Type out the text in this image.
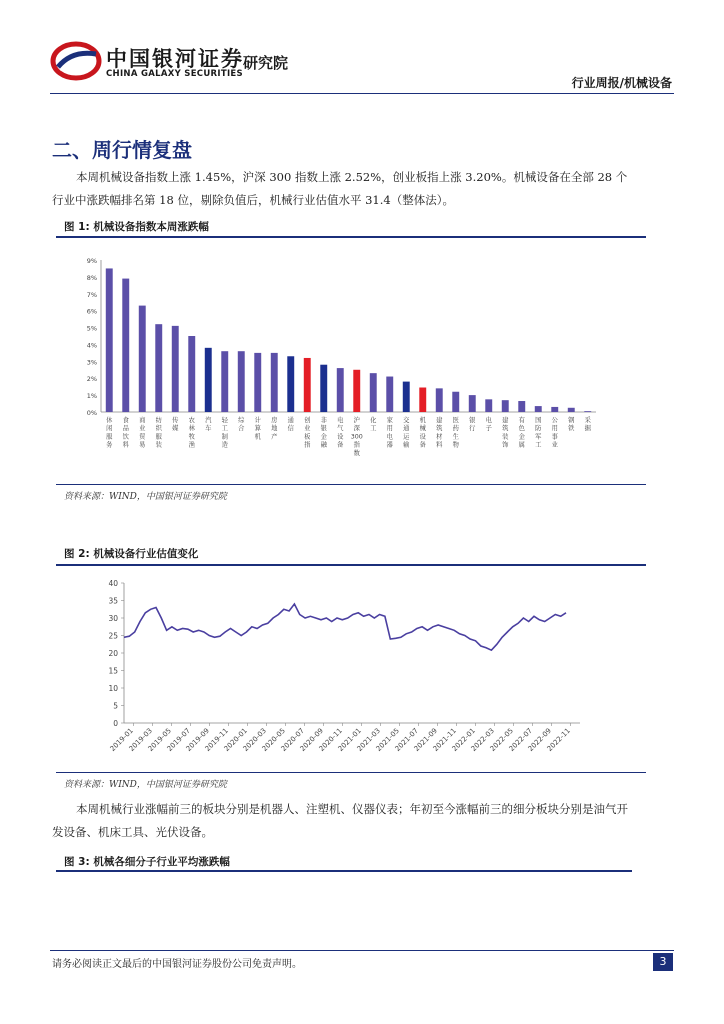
中国银河证券
CHINA GALAXY SECURITIES
研究院
行业周报/机械设备
二、周行情复盘
本周机械设备指数上涨 1.45%，沪深 300 指数上涨 2.52%，创业板指上涨 3.20%。机械设备在全部 28 个行业中涨跌幅排名第 18 位，剔除负值后，机械行业估值水平 31.4（整体法）。
图 1: 机械设备指数本周涨跌幅
0%
1%
2%
3%
4%
5%
6%
7%
8%
9%
休闲服务
食品饮料
商业贸易
纺织服装
传媒
农林牧渔
汽车
轻工制造
综合
计算机
房地产
通信
创业板指
非银金融
电气设备
沪深 300 指数
化工
家用电器
交通运输
机械设备
建筑材料
医药生物
银行
电子
建筑装饰
有色金属
国防军工
公用事业
钢铁
采掘
资料来源：WIND，中国银河证券研究院
图 2: 机械设备行业估值变化
0
5
10
15
20
25
30
35
40
2019-01
2019-03
2019-05
2019-07
2019-09
2019-11
2020-01
2020-03
2020-05
2020-07
2020-09
2020-11
2021-01
2021-03
2021-05
2021-07
2021-09
2021-11
2022-01
2022-03
2022-05
2022-07
2022-09
2022-11
资料来源：WIND，中国银河证券研究院
本周机械行业涨幅前三的板块分别是机器人、注塑机、仪器仪表；年初至今涨幅前三的细分板块分别是油气开发设备、机床工具、光伏设备。
图 3: 机械各细分子行业平均涨跌幅
请务必阅读正文最后的中国银河证券股份公司免责声明。	3
